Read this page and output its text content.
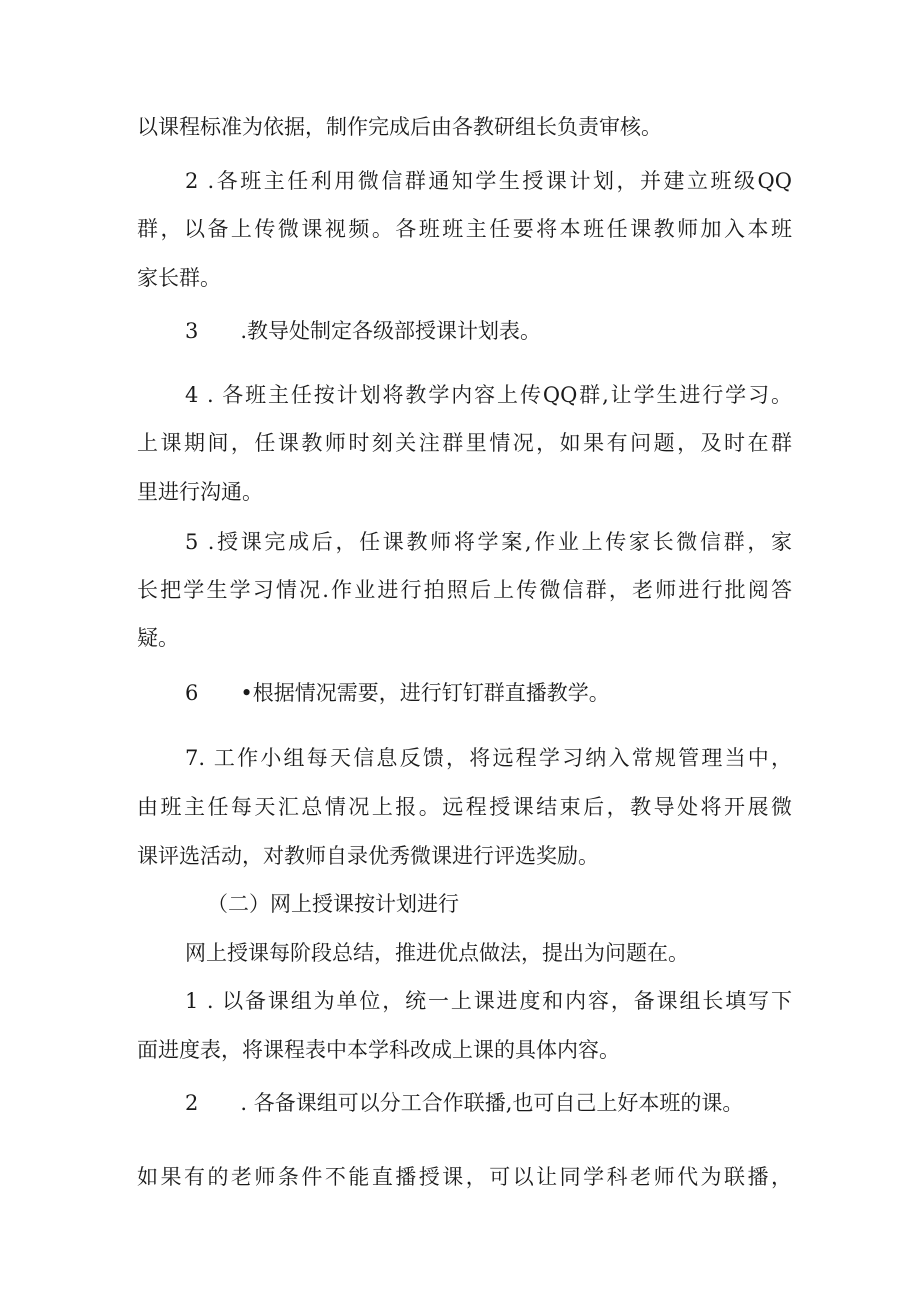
以课程标准为依据，制作完成后由各教研组长负责审核。

2 .各班主任利用微信群通知学生授课计划，并建立班级QQ

群，以备上传微课视频。各班班主任要将本班任课教师加入本班

家长群。

3　　.教导处制定各级部授课计划表。

4 . 各班主任按计划将教学内容上传QQ群,让学生进行学习。

上课期间，任课教师时刻关注群里情况，如果有问题，及时在群

里进行沟通。

5 .授课完成后，任课教师将学案,作业上传家长微信群，家

长把学生学习情况.作业进行拍照后上传微信群，老师进行批阅答

疑。

6　　•根据情况需要，进行钉钉群直播教学。

7. 工作小组每天信息反馈，将远程学习纳入常规管理当中，

由班主任每天汇总情况上报。远程授课结束后，教导处将开展微

课评选活动，对教师自录优秀微课进行评选奖励。

（二）网上授课按计划进行

网上授课每阶段总结，推进优点做法，提出为问题在。

1 . 以备课组为单位，统一上课进度和内容，备课组长填写下

面进度表，将课程表中本学科改成上课的具体内容。

2　　. 各备课组可以分工合作联播,也可自己上好本班的课。

如果有的老师条件不能直播授课，可以让同学科老师代为联播，
